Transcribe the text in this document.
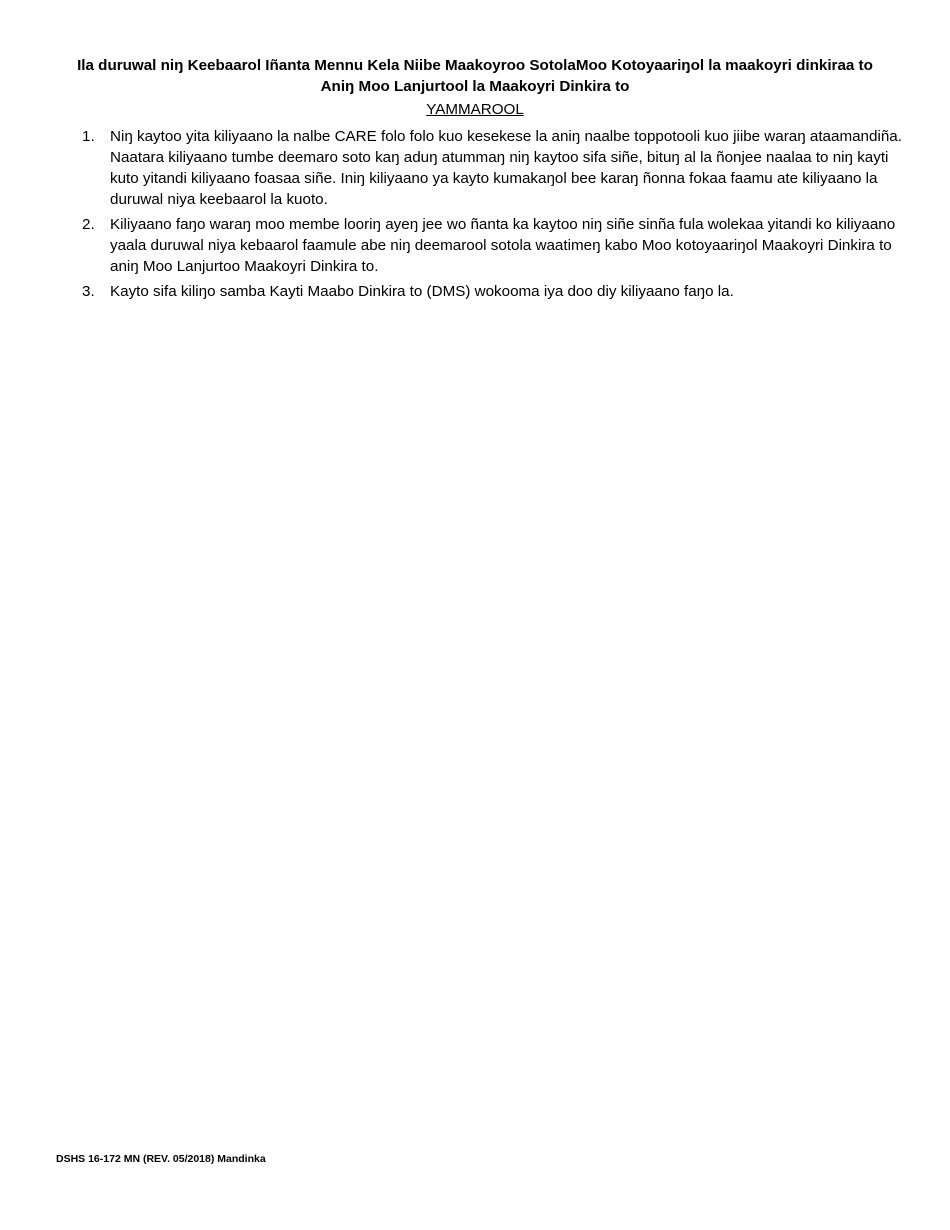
Ila duruwal niŋ Keebaarol Iñanta Mennu Kela Niibe Maakoyroo SotolaMoo Kotoyaariŋol la maakoyri dinkiraa to
Aniŋ Moo Lanjurtool la Maakoyri Dinkira to
YAMMAROOL
1. Niŋ kaytoo yita kiliyaano la nalbe CARE folo folo kuo kesekese la aniŋ naalbe toppotooli kuo jiibe waraŋ ataamandiña. Naatara kiliyaano tumbe deemaro soto kaŋ aduŋ atummaŋ niŋ kaytoo sifa siñe, bituŋ al la ñonjee naalaa to niŋ kayti kuto yitandi kiliyaano foasaa siñe. Iniŋ kiliyaano ya kayto kumakaŋol bee karaŋ ñonna fokaa faamu ate kiliyaano la duruwal niya keebaarol la kuoto.
2. Kiliyaano faŋo waraŋ moo membe looriŋ ayeŋ jee wo ñanta ka kaytoo niŋ siñe sinña fula wolekaa yitandi ko kiliyaano yaala duruwal niya kebaarol faamule abe niŋ deemarool sotola waatimeŋ kabo Moo kotoyaariŋol Maakoyri Dinkira to aniŋ Moo Lanjurtoo Maakoyri Dinkira to.
3. Kayto sifa kiliŋo samba Kayti Maabo Dinkira to (DMS) wokooma iya doo diy kiliyaano faŋo la.
DSHS 16-172 MN (REV. 05/2018) Mandinka
